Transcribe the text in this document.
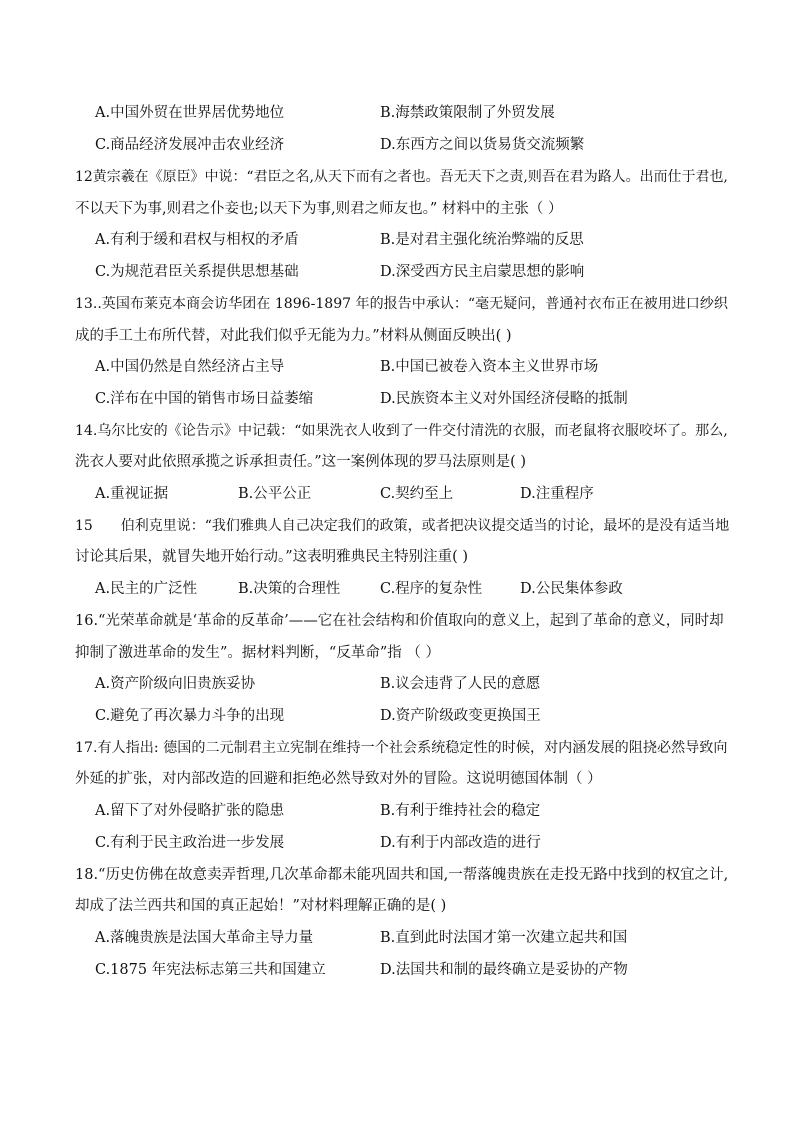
A.中国外贸在世界居优势地位	B.海禁政策限制了外贸发展
C.商品经济发展冲击农业经济	D.东西方之间以货易货交流频繁
12黄宗羲在《原臣》中说：“君臣之名,从天下而有之者也。吾无天下之责,则吾在君为路人。出而仕于君也,
不以天下为事,则君之仆妾也;以天下为事,则君之师友也。” 材料中的主张（ ）
A.有利于缓和君权与相权的矛盾	B.是对君主强化统治弊端的反思
C.为规范君臣关系提供思想基础	D.深受西方民主启蒙思想的影响
13..英国布莱克本商会访华团在 1896-1897 年的报告中承认：“毫无疑问，普通衬衣布正在被用进口纱织
成的手工土布所代替，对此我们似乎无能为力。”材料从侧面反映出( )
A.中国仍然是自然经济占主导	B.中国已被卷入资本主义世界市场
C.洋布在中国的销售市场日益萎缩	D.民族资本主义对外国经济侵略的抵制
14.乌尔比安的《论告示》中记载：“如果洗衣人收到了一件交付清洗的衣服，而老鼠将衣服咬坏了。那么,
洗衣人要对此依照承揽之诉承担责任。”这一案例体现的罗马法原则是( )
A.重视证据	B.公平公正	C.契约至上	D.注重程序
15 伯利克里说：“我们雅典人自己决定我们的政策，或者把决议提交适当的讨论，最坏的是没有适当地
讨论其后果，就冒失地开始行动。”这表明雅典民主特别注重( )
A.民主的广泛性	B.决策的合理性	C.程序的复杂性	D.公民集体参政
16.“光荣革命就是‘革命的反革命’——它在社会结构和价值取向的意义上，起到了革命的意义，同时却
抑制了激进革命的发生”。据材料判断，“反革命”指 （ ）
A.资产阶级向旧贵族妥协	B.议会违背了人民的意愿
C.避免了再次暴力斗争的出现	D.资产阶级政变更换国王
17.有人指出: 德国的二元制君主立宪制在维持一个社会系统稳定性的时候，对内涵发展的阻挠必然导致向
外延的扩张，对内部改造的回避和拒绝必然导致对外的冒险。这说明德国体制（ ）
A.留下了对外侵略扩张的隐患	B.有利于维持社会的稳定
C.有利于民主政治进一步发展	D.有利于内部改造的进行
18.“历史仿佛在故意卖弄哲理,几次革命都未能巩固共和国,一帮落魄贵族在走投无路中找到的权宜之计,
却成了法兰西共和国的真正起始！”对材料理解正确的是( )
A.落魄贵族是法国大革命主导力量	B.直到此时法国才第一次建立起共和国
C.1875 年宪法标志第三共和国建立	D.法国共和制的最终确立是妥协的产物
